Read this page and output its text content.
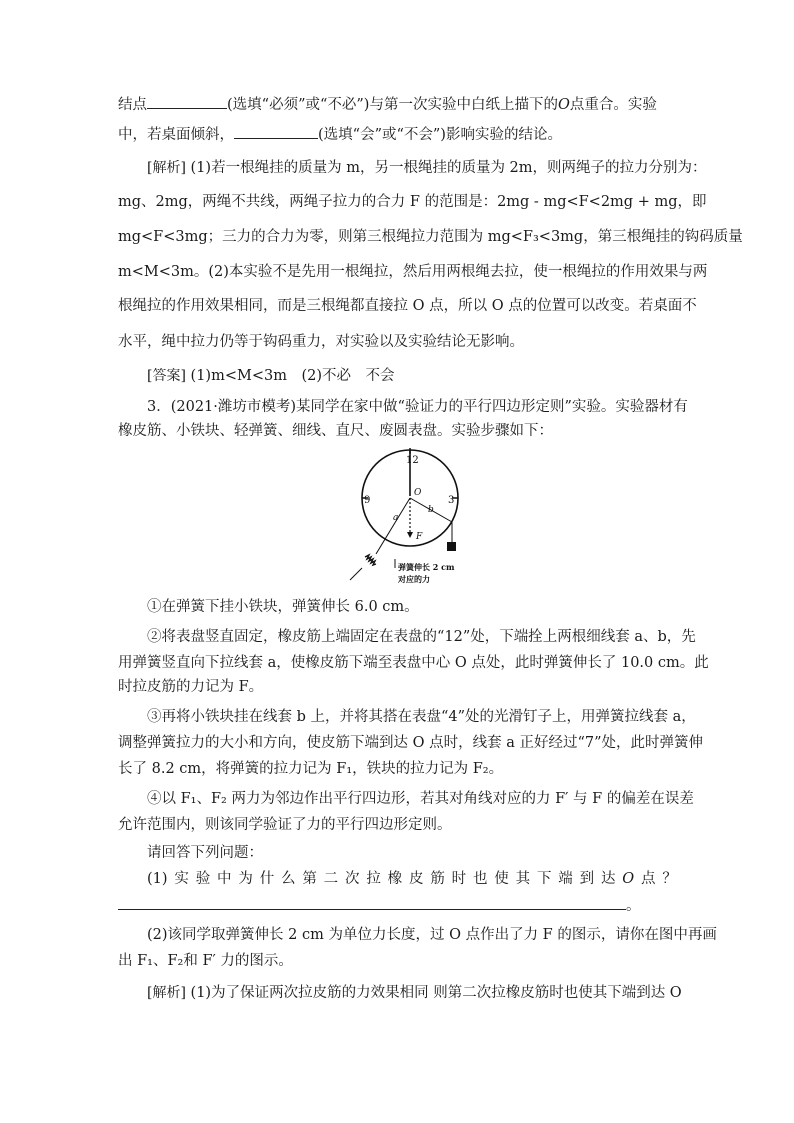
结点	(选填“必须”或“不必”)与第一次实验中白纸上描下的O点重合。实验
中，若桌面倾斜，	(选填“会”或“不会”)影响实验的结论。
[解析] (1)若一根绳挂的质量为 m，另一根绳挂的质量为 2m，则两绳子的拉力分别为：
mg、2mg，两绳不共线，两绳子拉力的合力 F 的范围是：2mg - mg<F<2mg + mg，即
mg<F<3mg；三力的合力为零，则第三根绳拉力范围为 mg<F₃<3mg，第三根绳挂的钩码质量
m<M<3m。(2)本实验不是先用一根绳拉，然后用两根绳去拉，使一根绳拉的作用效果与两
根绳拉的作用效果相同，而是三根绳都直接拉 O 点，所以 O 点的位置可以改变。若桌面不
水平，绳中拉力仍等于钩码重力，对实验以及实验结论无影响。
[答案] (1)m<M<3m　(2)不必　不会
3．(2021·潍坊市模考)某同学在家中做“验证力的平行四边形定则”实验。实验器材有
橡皮筋、小铁块、轻弹簧、细线、直尺、废圆表盘。实验步骤如下：
12
9	3
O
F
b
a
弹簧伸长 2 cm
对应的力
①在弹簧下挂小铁块，弹簧伸长 6.0 cm。
②将表盘竖直固定，橡皮筋上端固定在表盘的“12”处，下端拴上两根细线套 a、b，先
用弹簧竖直向下拉线套 a，使橡皮筋下端至表盘中心 O 点处，此时弹簧伸长了 10.0 cm。此
时拉皮筋的力记为 F。
③再将小铁块挂在线套 b 上，并将其搭在表盘“4”处的光滑钉子上，用弹簧拉线套 a，
调整弹簧拉力的大小和方向，使皮筋下端到达 O 点时，线套 a 正好经过“7”处，此时弹簧伸
长了 8.2 cm，将弹簧的拉力记为 F₁，铁块的拉力记为 F₂。
④以 F₁、F₂ 两力为邻边作出平行四边形，若其对角线对应的力 F′ 与 F 的偏差在误差
允许范围内，则该同学验证了力的平行四边形定则。
请回答下列问题：
(1) 实 验 中 为 什 么 第 二 次 拉 橡 皮 筋 时 也 使 其 下 端 到 达 O 点 ？
。
(2)该同学取弹簧伸长 2 cm 为单位力长度，过 O 点作出了力 F 的图示，请你在图中再画
出 F₁、F₂和 F′ 力的图示。
[解析] (1)为了保证两次拉皮筋的力效果相同 则第二次拉橡皮筋时也使其下端到达 O
